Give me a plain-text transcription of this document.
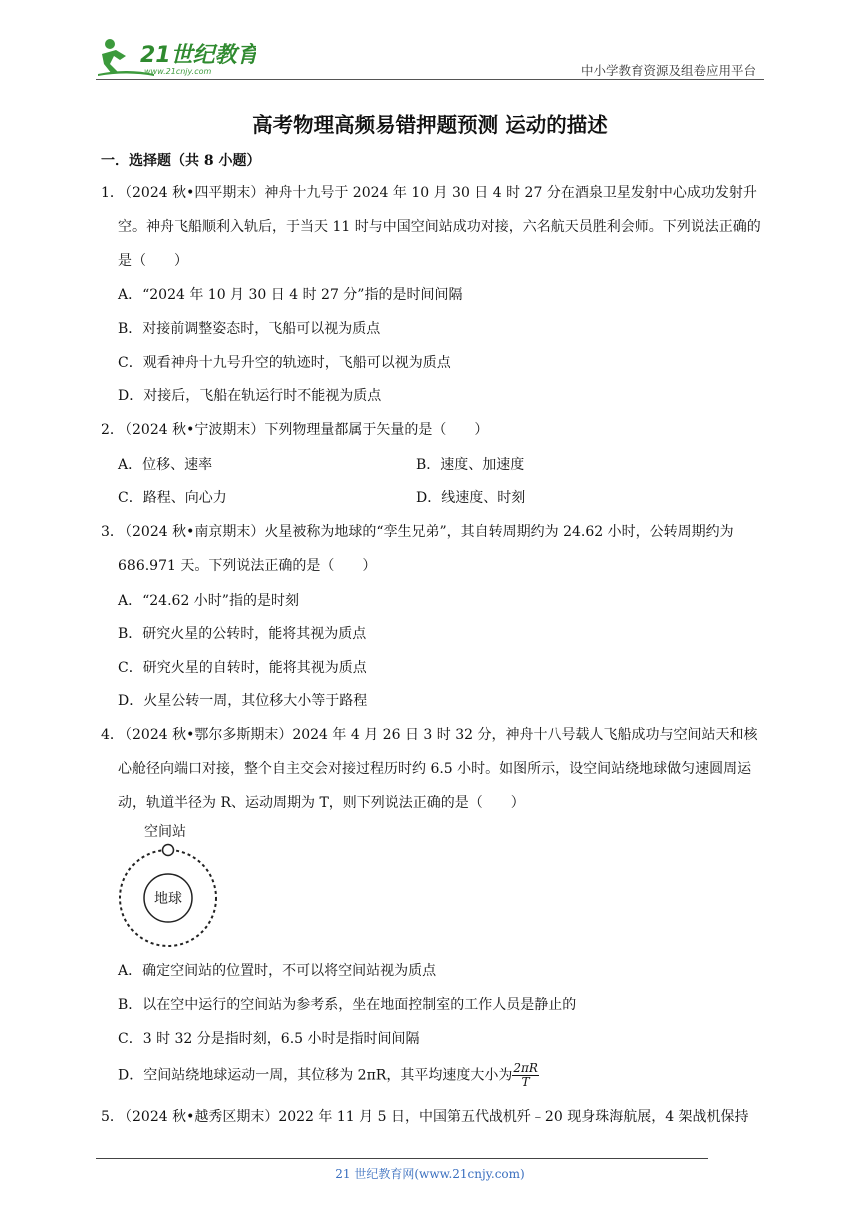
21世纪教育
www.21cnjy.com	中小学教育资源及组卷应用平台
高考物理高频易错押题预测 运动的描述
一．选择题（共 8 小题）
1．
（2024 秋•四平期末）神舟十九号于 2024 年 10 月 30 日 4 时 27 分在酒泉卫星发射中心成功发射升空。神舟飞船顺利入轨后，于当天 11 时与中国空间站成功对接，六名航天员胜利会师。下列说法正确的是（　　）
A．“2024 年 10 月 30 日 4 时 27 分”指的是时间间隔
B．对接前调整姿态时，飞船可以视为质点
C．观看神舟十九号升空的轨迹时，飞船可以视为质点
D．对接后，飞船在轨运行时不能视为质点
2．
（2024 秋•宁波期末）下列物理量都属于矢量的是（　　）
A．位移、速率	B．速度、加速度
C．路程、向心力	D．线速度、时刻
3．
（2024 秋•南京期末）火星被称为地球的“孪生兄弟”，其自转周期约为 24.62 小时，公转周期约为 686.971 天。下列说法正确的是（　　）
A．“24.62 小时”指的是时刻
B．研究火星的公转时，能将其视为质点
C．研究火星的自转时，能将其视为质点
D．火星公转一周，其位移大小等于路程
4．
（2024 秋•鄂尔多斯期末）2024 年 4 月 26 日 3 时 32 分，神舟十八号载人飞船成功与空间站天和核心舱径向端口对接，整个自主交会对接过程历时约 6.5 小时。如图所示，设空间站绕地球做匀速圆周运动，轨道半径为 R、运动周期为 T，则下列说法正确的是（　　）
空间站
地球
A．确定空间站的位置时，不可以将空间站视为质点
B．以在空中运行的空间站为参考系，坐在地面控制室的工作人员是静止的
C．3 时 32 分是指时刻，6.5 小时是指时间间隔
D．空间站绕地球运动一周，其位移为 2πR，其平均速度大小为 $\frac{2\pi R}{T}$
5．
（2024 秋•越秀区期末）2022 年 11 月 5 日，中国第五代战机歼﹣20 现身珠海航展，4 架战机保持
21 世纪教育网(www.21cnjy.com)
